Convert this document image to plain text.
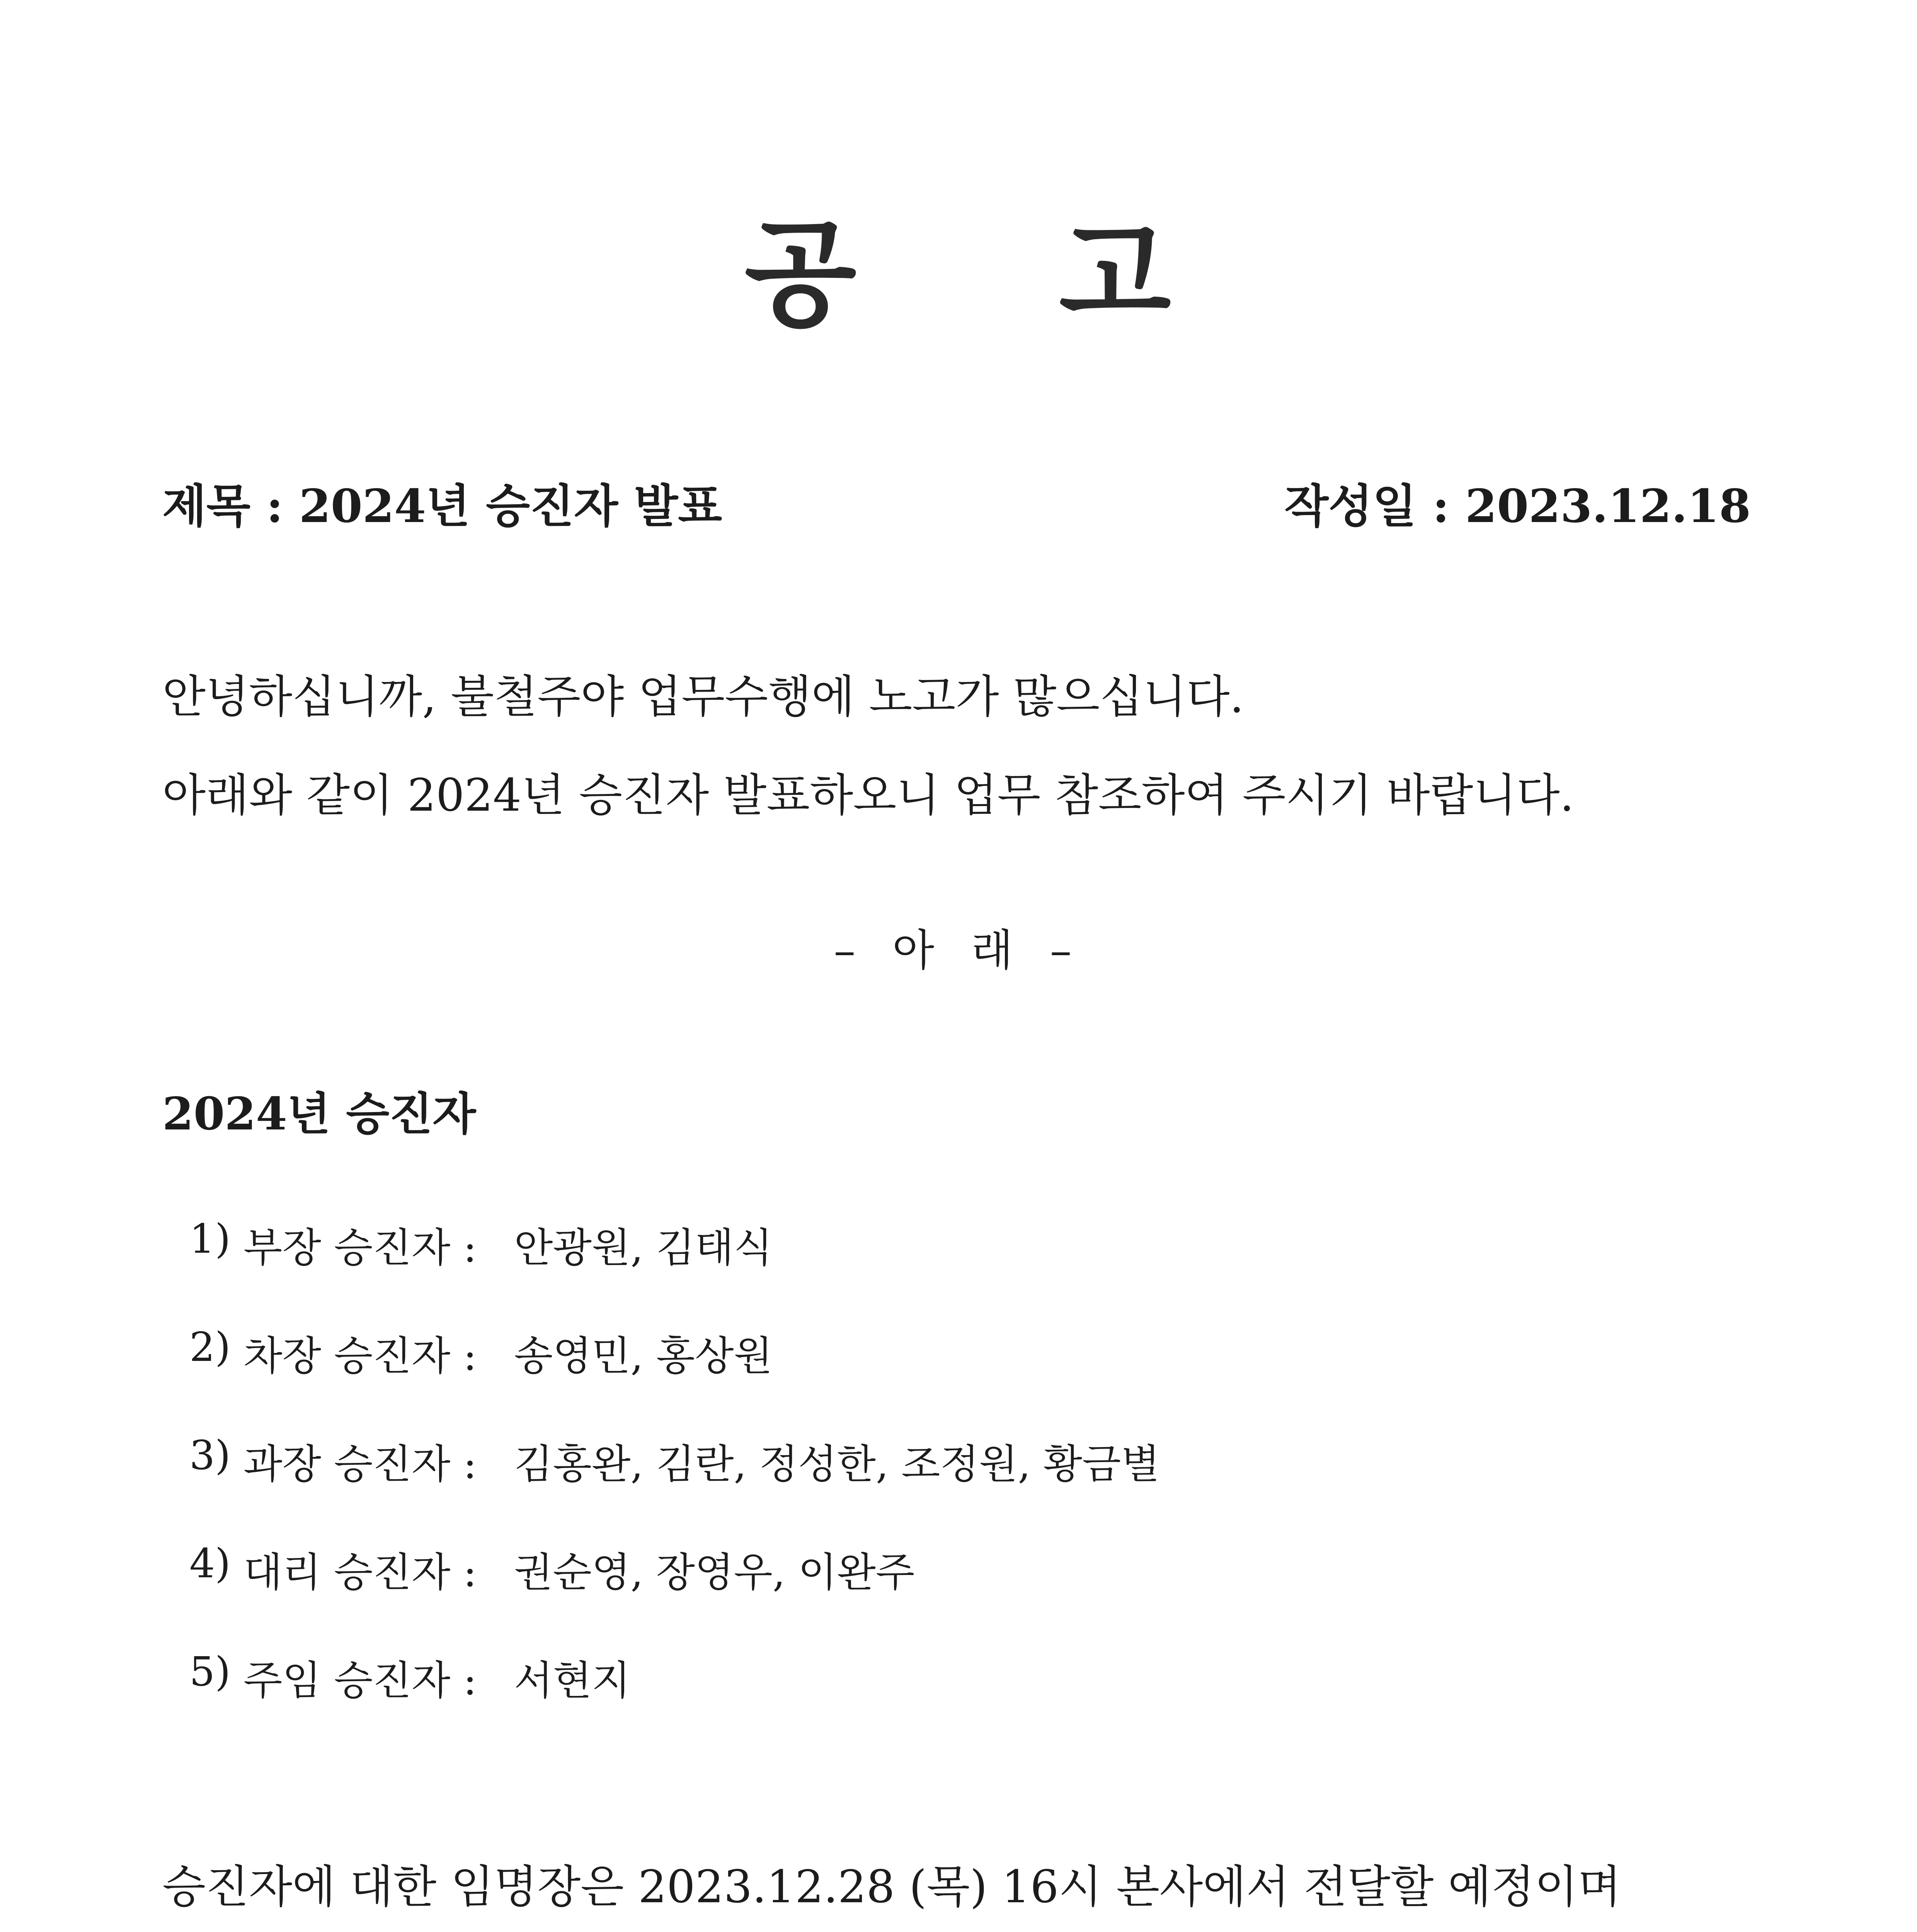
공 고
제목 : 2024년 승진자 발표	작성일 : 2023.12.18
안녕하십니까, 불철주야 업무수행에 노고가 많으십니다.
아래와 같이 2024년 승진자 발표하오니 업무 참조하여 주시기 바랍니다.
– 아 래 –
2024년 승진자
1) 부장 승진자 : 안광원, 김태식
2) 차장 승진자 : 송영민, 홍상원
3) 과장 승진자 : 김홍완, 김란, 정성한, 조정원, 황금별
4) 대리 승진자 : 권순영, 장영우, 이완주
5) 주임 승진자 : 서현지
승진자에 대한 임명장은 2023.12.28 (목) 16시 본사에서 전달할 예정이며
